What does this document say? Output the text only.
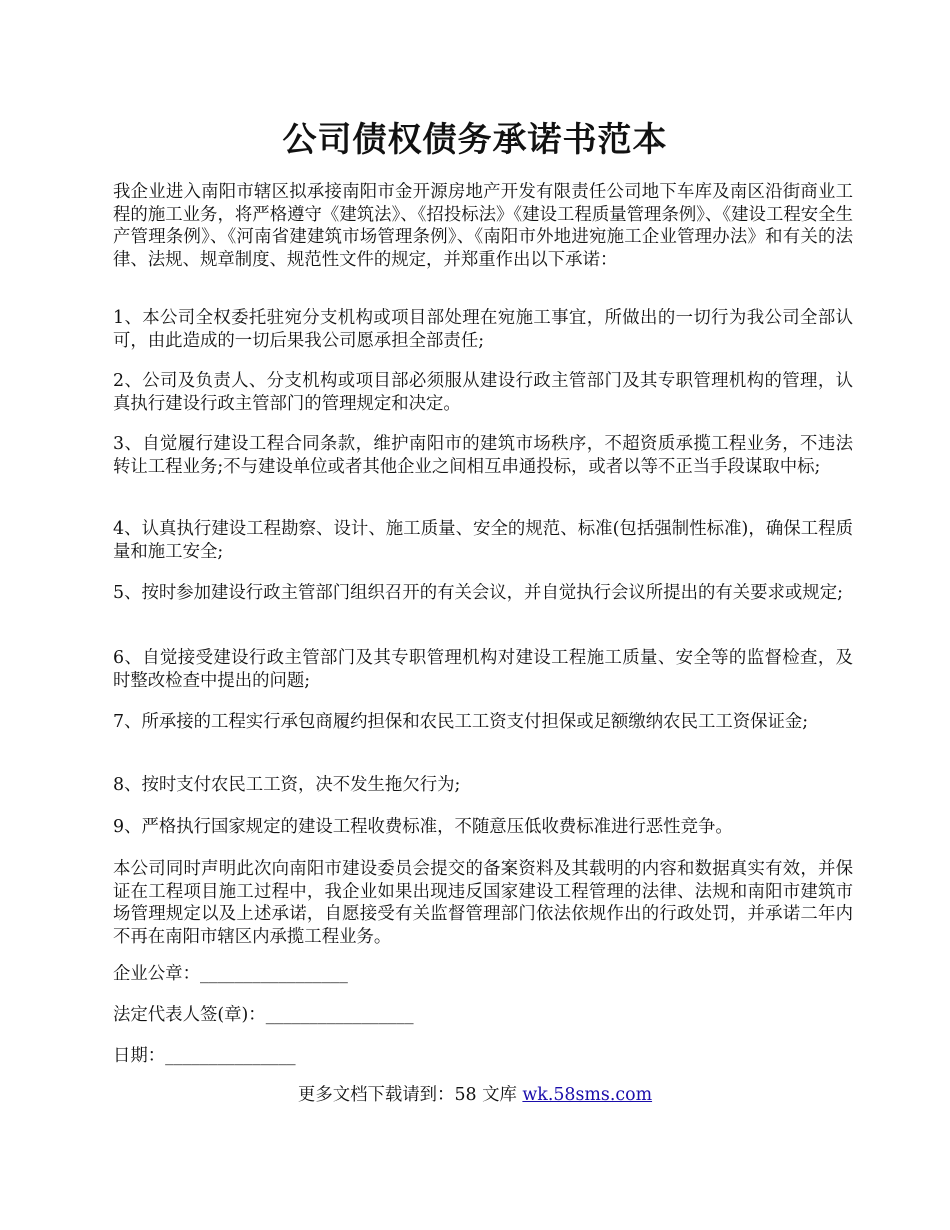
公司债权债务承诺书范本

我企业进入南阳市辖区拟承接南阳市金开源房地产开发有限责任公司地下车库及南区沿街商业工程的施工业务，将严格遵守《建筑法》、《招投标法》《建设工程质量管理条例》、《建设工程安全生产管理条例》、《河南省建建筑市场管理条例》、《南阳市外地进宛施工企业管理办法》和有关的法律、法规、规章制度、规范性文件的规定，并郑重作出以下承诺：

1、本公司全权委托驻宛分支机构或项目部处理在宛施工事宜，所做出的一切行为我公司全部认可，由此造成的一切后果我公司愿承担全部责任;

2、公司及负责人、分支机构或项目部必须服从建设行政主管部门及其专职管理机构的管理，认真执行建设行政主管部门的管理规定和决定。

3、自觉履行建设工程合同条款，维护南阳市的建筑市场秩序，不超资质承揽工程业务，不违法转让工程业务;不与建设单位或者其他企业之间相互串通投标，或者以等不正当手段谋取中标;

4、认真执行建设工程勘察、设计、施工质量、安全的规范、标准(包括强制性标准)，确保工程质量和施工安全;

5、按时参加建设行政主管部门组织召开的有关会议，并自觉执行会议所提出的有关要求或规定;

6、自觉接受建设行政主管部门及其专职管理机构对建设工程施工质量、安全等的监督检查，及时整改检查中提出的问题;

7、所承接的工程实行承包商履约担保和农民工工资支付担保或足额缴纳农民工工资保证金;

8、按时支付农民工工资，决不发生拖欠行为;

9、严格执行国家规定的建设工程收费标准，不随意压低收费标准进行恶性竞争。

本公司同时声明此次向南阳市建设委员会提交的备案资料及其载明的内容和数据真实有效，并保证在工程项目施工过程中，我企业如果出现违反国家建设工程管理的法律、法规和南阳市建筑市场管理规定以及上述承诺，自愿接受有关监督管理部门依法依规作出的行政处罚，并承诺二年内不再在南阳市辖区内承揽工程业务。

企业公章：_________________

法定代表人签(章)：_________________

日期：_______________

更多文档下载请到：58 文库 wk.58sms.com
